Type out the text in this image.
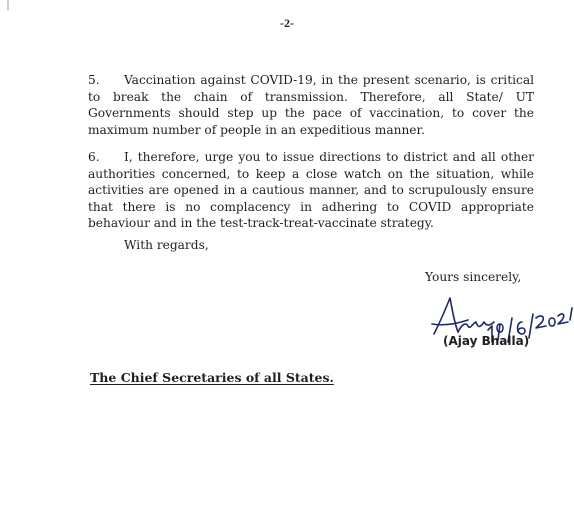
-2-

5. Vaccination against COVID-19, in the present scenario, is critical to break the chain of transmission. Therefore, all State/ UT Governments should step up the pace of vaccination, to cover the maximum number of people in an expeditious manner.

6. I, therefore, urge you to issue directions to district and all other authorities concerned, to keep a close watch on the situation, while activities are opened in a cautious manner, and to scrupulously ensure that there is no complacency in adhering to COVID appropriate behaviour and in the test-track-treat-vaccinate strategy.

With regards,
Yours sincerely,
(Ajay Bhalla)
The Chief Secretaries of all States.
